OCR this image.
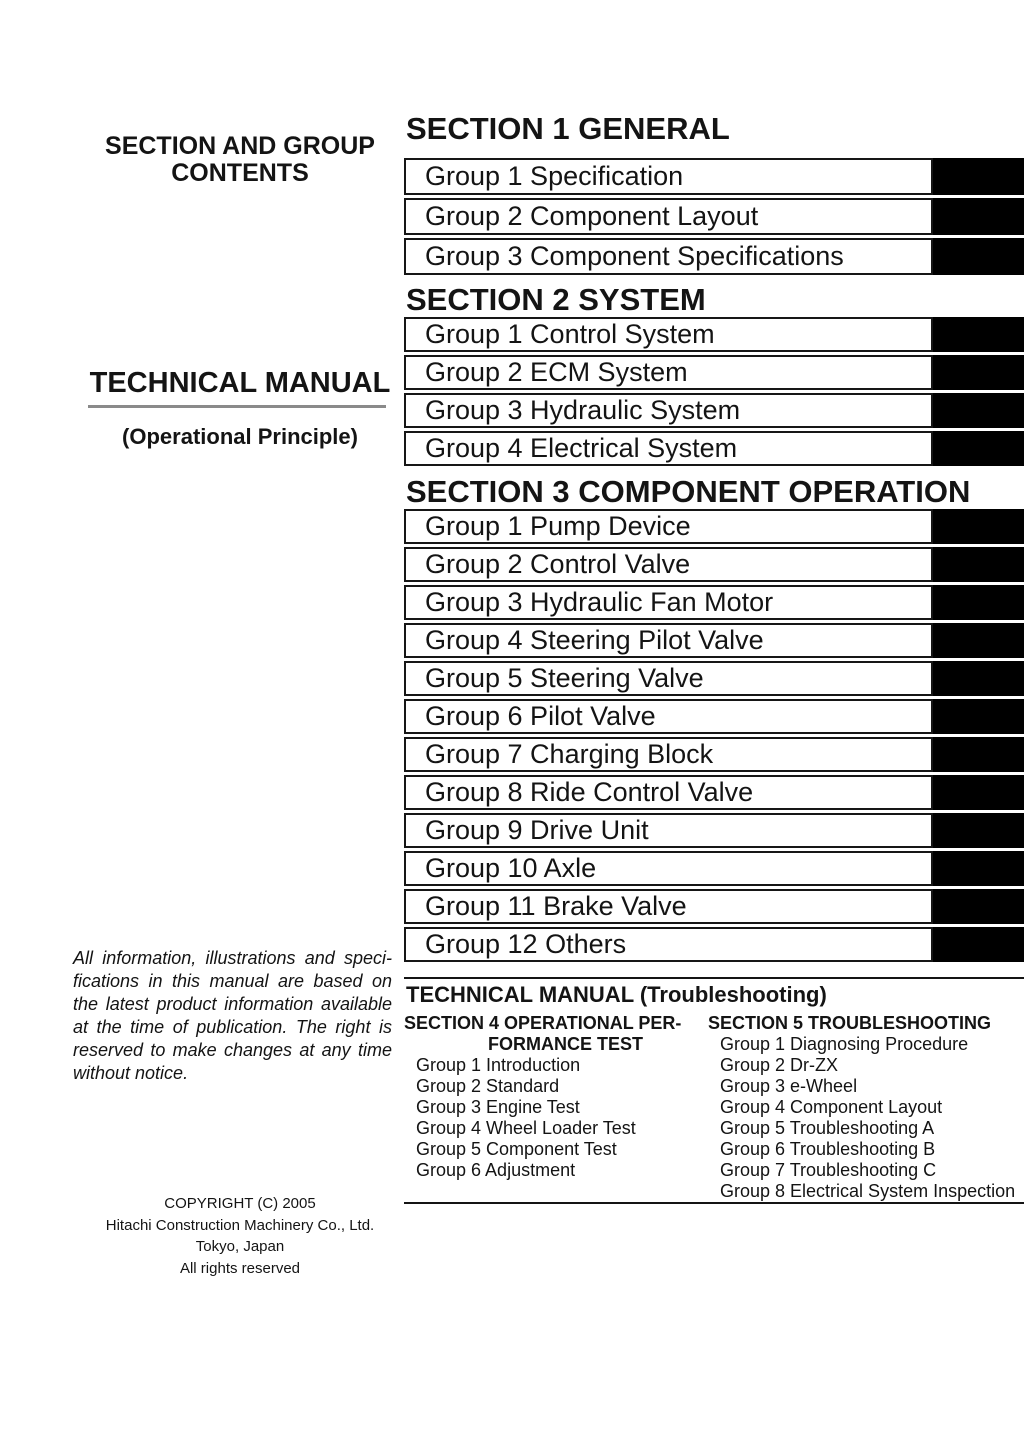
SECTION AND GROUP CONTENTS
TECHNICAL MANUAL
(Operational Principle)
All information, illustrations and speci-
fications in this manual are based on
the latest product information available
at the time of publication. The right is
reserved to make changes at any time
without notice.
COPYRIGHT (C) 2005
Hitachi Construction Machinery Co., Ltd.
Tokyo, Japan
All rights reserved
SECTION 1 GENERAL
Group 1 Specification
Group 2 Component Layout
Group 3 Component Specifications
SECTION 2 SYSTEM
Group 1 Control System
Group 2 ECM System
Group 3 Hydraulic System
Group 4 Electrical System
SECTION 3 COMPONENT OPERATION
Group 1 Pump Device
Group 2 Control Valve
Group 3 Hydraulic Fan Motor
Group 4 Steering Pilot Valve
Group 5 Steering Valve
Group 6 Pilot Valve
Group 7 Charging Block
Group 8 Ride Control Valve
Group 9 Drive Unit
Group 10 Axle
Group 11 Brake Valve
Group 12 Others
TECHNICAL MANUAL (Troubleshooting)
SECTION 4 OPERATIONAL PER-
FORMANCE TEST
Group 1 Introduction
Group 2 Standard
Group 3 Engine Test
Group 4 Wheel Loader Test
Group 5 Component Test
Group 6 Adjustment
SECTION 5 TROUBLESHOOTING
Group 1 Diagnosing Procedure
Group 2 Dr-ZX
Group 3 e-Wheel
Group 4 Component Layout
Group 5 Troubleshooting A
Group 6 Troubleshooting B
Group 7 Troubleshooting C
Group 8 Electrical System Inspection
